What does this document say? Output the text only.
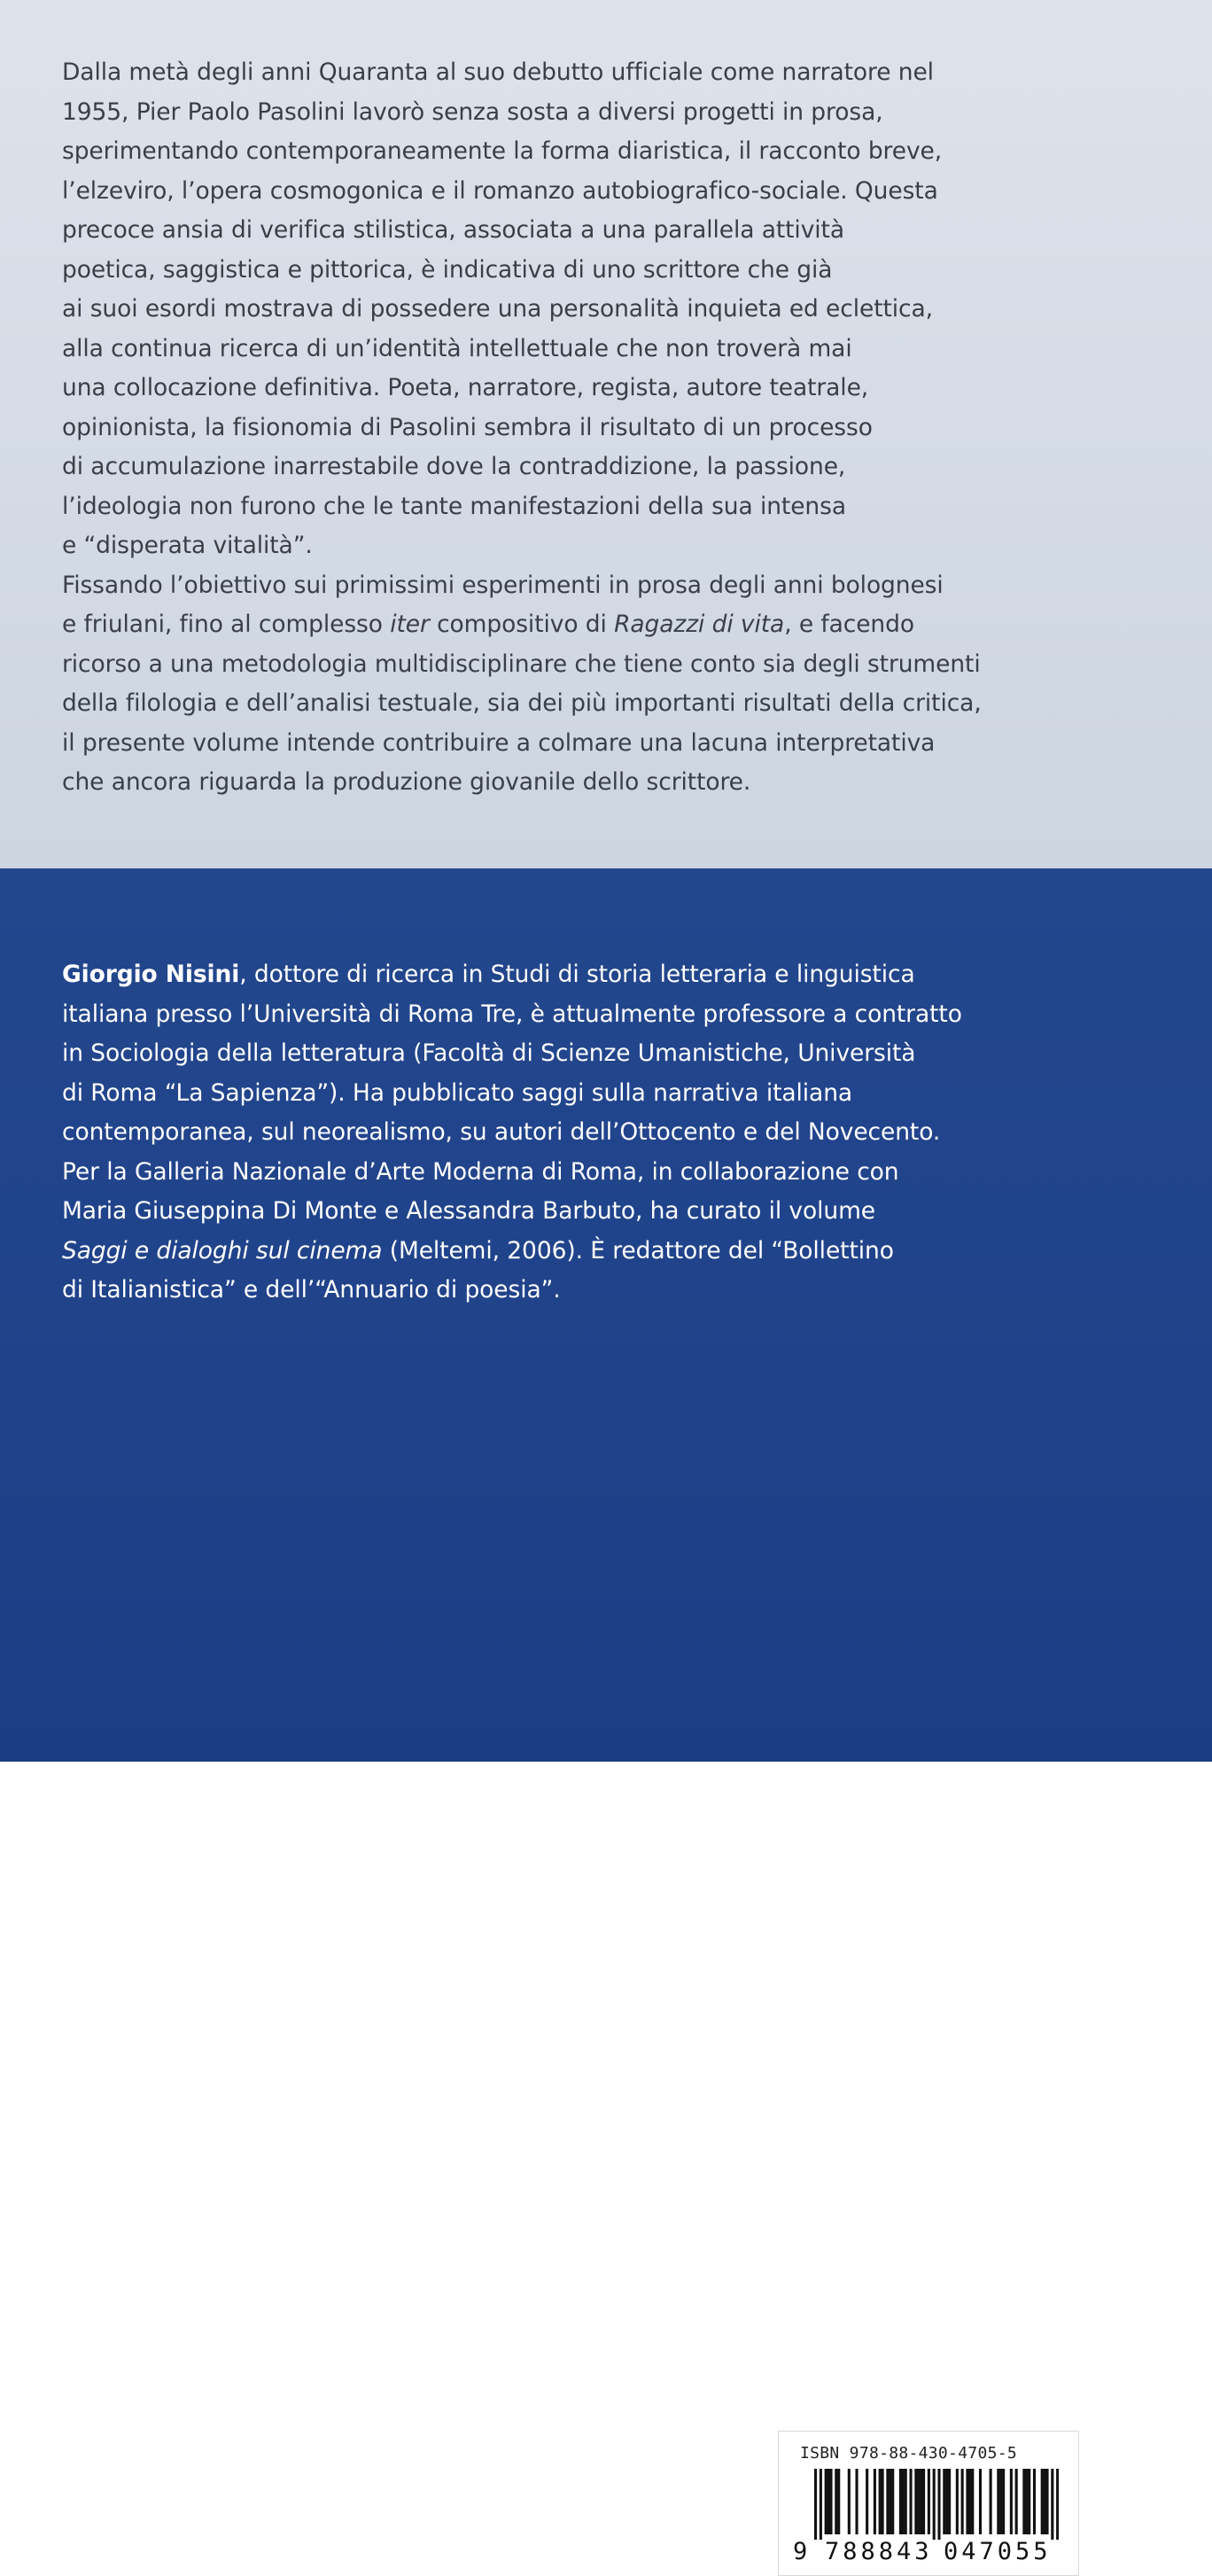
Dalla metà degli anni Quaranta al suo debutto ufficiale come narratore nel
1955, Pier Paolo Pasolini lavorò senza sosta a diversi progetti in prosa,
sperimentando contemporaneamente la forma diaristica, il racconto breve,
l’elzeviro, l’opera cosmogonica e il romanzo autobiografico-sociale. Questa
precoce ansia di verifica stilistica, associata a una parallela attività
poetica, saggistica e pittorica, è indicativa di uno scrittore che già
ai suoi esordi mostrava di possedere una personalità inquieta ed eclettica,
alla continua ricerca di un’identità intellettuale che non troverà mai
una collocazione definitiva. Poeta, narratore, regista, autore teatrale,
opinionista, la fisionomia di Pasolini sembra il risultato di un processo
di accumulazione inarrestabile dove la contraddizione, la passione,
l’ideologia non furono che le tante manifestazioni della sua intensa
e “disperata vitalità”.
Fissando l’obiettivo sui primissimi esperimenti in prosa degli anni bolognesi
e friulani, fino al complesso iter compositivo di Ragazzi di vita, e facendo
ricorso a una metodologia multidisciplinare che tiene conto sia degli strumenti
della filologia e dell’analisi testuale, sia dei più importanti risultati della critica,
il presente volume intende contribuire a colmare una lacuna interpretativa
che ancora riguarda la produzione giovanile dello scrittore.
€ 23,00
ISBN 978-88-430-4705-5
9 788843 047055
Giorgio Nisini, dottore di ricerca in Studi di storia letteraria e linguistica
italiana presso l’Università di Roma Tre, è attualmente professore a contratto
in Sociologia della letteratura (Facoltà di Scienze Umanistiche, Università
di Roma “La Sapienza”). Ha pubblicato saggi sulla narrativa italiana
contemporanea, sul neorealismo, su autori dell’Ottocento e del Novecento.
Per la Galleria Nazionale d’Arte Moderna di Roma, in collaborazione con
Maria Giuseppina Di Monte e Alessandra Barbuto, ha curato il volume
Saggi e dialoghi sul cinema (Meltemi, 2006). È redattore del “Bollettino
di Italianistica” e dell’“Annuario di poesia”.
